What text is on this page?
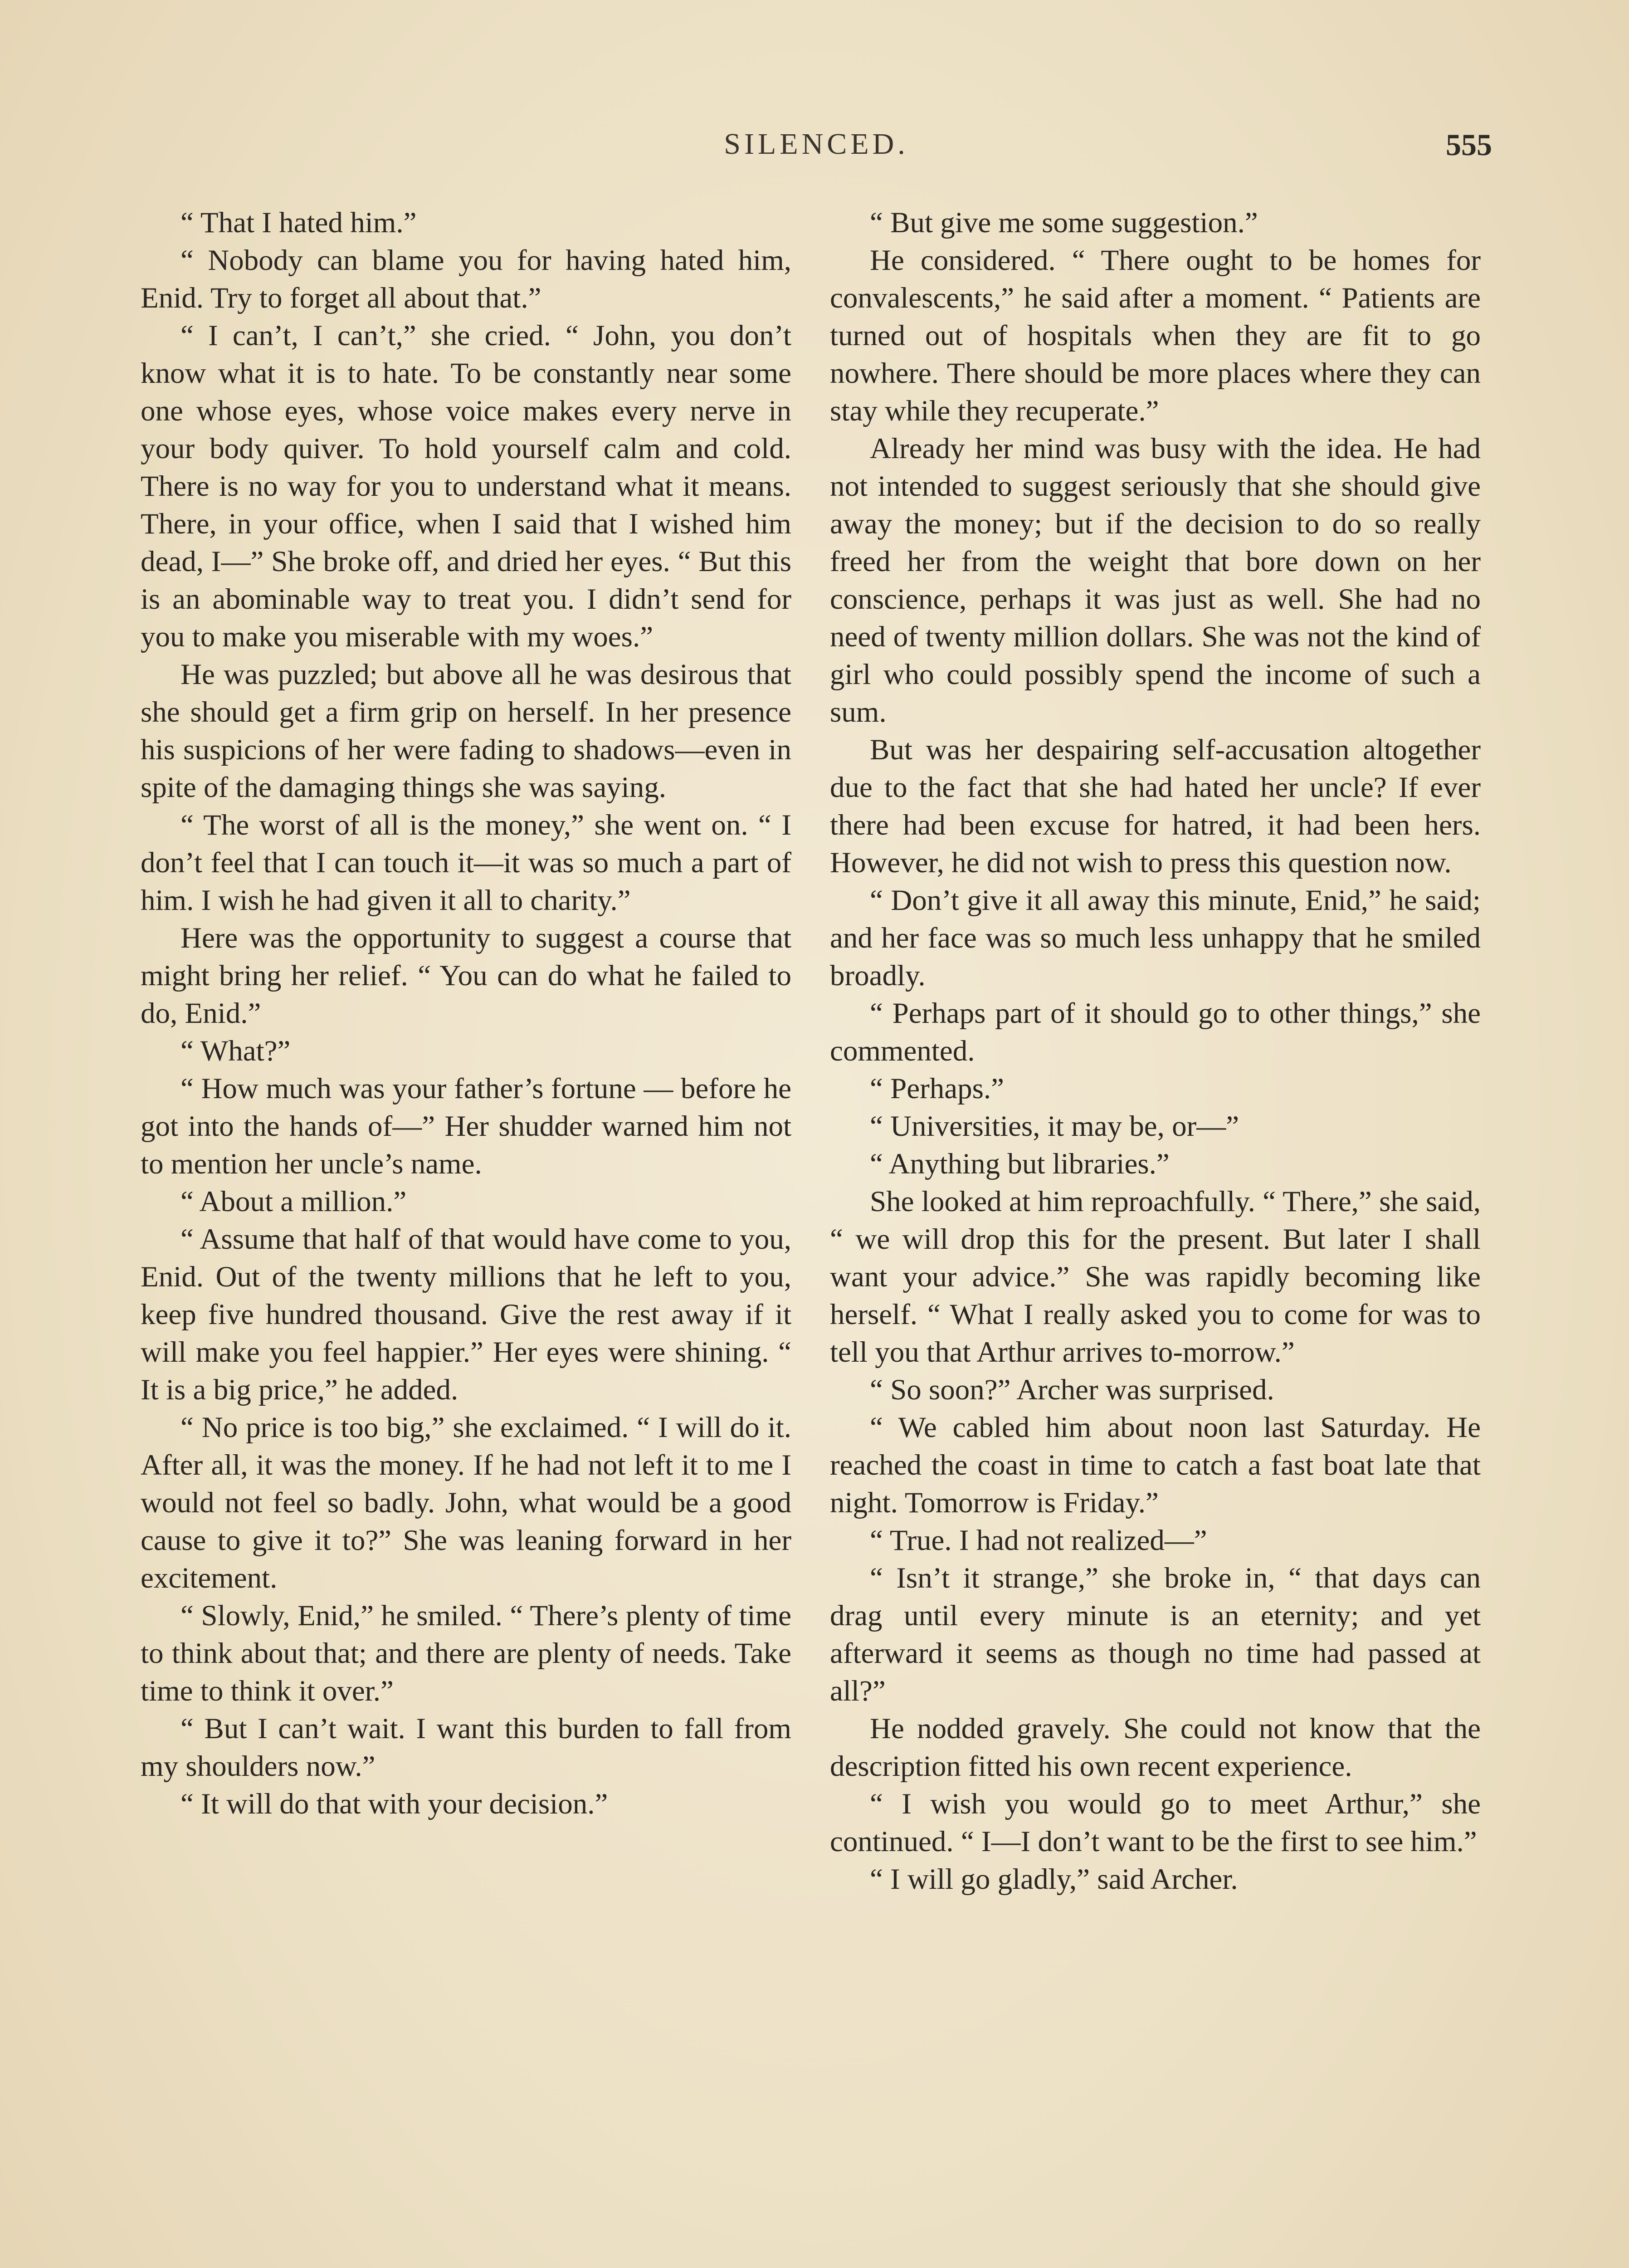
SILENCED.	555

“ That I hated him.”

“ Nobody can blame you for having hated him, Enid. Try to forget all about that.”

“ I can’t, I can’t,” she cried. “ John, you don’t know what it is to hate. To be constantly near some one whose eyes, whose voice makes every nerve in your body quiver. To hold yourself calm and cold. There is no way for you to understand what it means. There, in your office, when I said that I wished him dead, I—” She broke off, and dried her eyes. “ But this is an abominable way to treat you. I didn’t send for you to make you miserable with my woes.”

He was puzzled; but above all he was desirous that she should get a firm grip on herself. In her presence his suspicions of her were fading to shadows—even in spite of the damaging things she was saying.

“ The worst of all is the money,” she went on. “ I don’t feel that I can touch it—it was so much a part of him. I wish he had given it all to charity.”

Here was the opportunity to suggest a course that might bring her relief. “ You can do what he failed to do, Enid.”

“ What?”

“ How much was your father’s fortune — before he got into the hands of—” Her shudder warned him not to mention her uncle’s name.

“ About a million.”

“ Assume that half of that would have come to you, Enid. Out of the twenty millions that he left to you, keep five hundred thousand. Give the rest away if it will make you feel happier.” Her eyes were shining. “ It is a big price,” he added.

“ No price is too big,” she exclaimed. “ I will do it. After all, it was the money. If he had not left it to me I would not feel so badly. John, what would be a good cause to give it to?” She was leaning forward in her excitement.

“ Slowly, Enid,” he smiled. “ There’s plenty of time to think about that; and there are plenty of needs. Take time to think it over.”

“ But I can’t wait. I want this burden to fall from my shoulders now.”

“ It will do that with your decision.”

“ But give me some suggestion.”

He considered. “ There ought to be homes for convalescents,” he said after a moment. “ Patients are turned out of hospitals when they are fit to go nowhere. There should be more places where they can stay while they recuperate.”

Already her mind was busy with the idea. He had not intended to suggest seriously that she should give away the money; but if the decision to do so really freed her from the weight that bore down on her conscience, perhaps it was just as well. She had no need of twenty million dollars. She was not the kind of girl who could possibly spend the income of such a sum.

But was her despairing self-accusation altogether due to the fact that she had hated her uncle? If ever there had been excuse for hatred, it had been hers. However, he did not wish to press this question now.

“ Don’t give it all away this minute, Enid,” he said; and her face was so much less unhappy that he smiled broadly.

“ Perhaps part of it should go to other things,” she commented.

“ Perhaps.”

“ Universities, it may be, or—”

“ Anything but libraries.”

She looked at him reproachfully. “ There,” she said, “ we will drop this for the present. But later I shall want your advice.” She was rapidly becoming like herself. “ What I really asked you to come for was to tell you that Arthur arrives to-morrow.”

“ So soon?” Archer was surprised.

“ We cabled him about noon last Saturday. He reached the coast in time to catch a fast boat late that night. Tomorrow is Friday.”

“ True. I had not realized—”

“ Isn’t it strange,” she broke in, “ that days can drag until every minute is an eternity; and yet afterward it seems as though no time had passed at all?”

He nodded gravely. She could not know that the description fitted his own recent experience.

“ I wish you would go to meet Arthur,” she continued. “ I—I don’t want to be the first to see him.”

“ I will go gladly,” said Archer.
